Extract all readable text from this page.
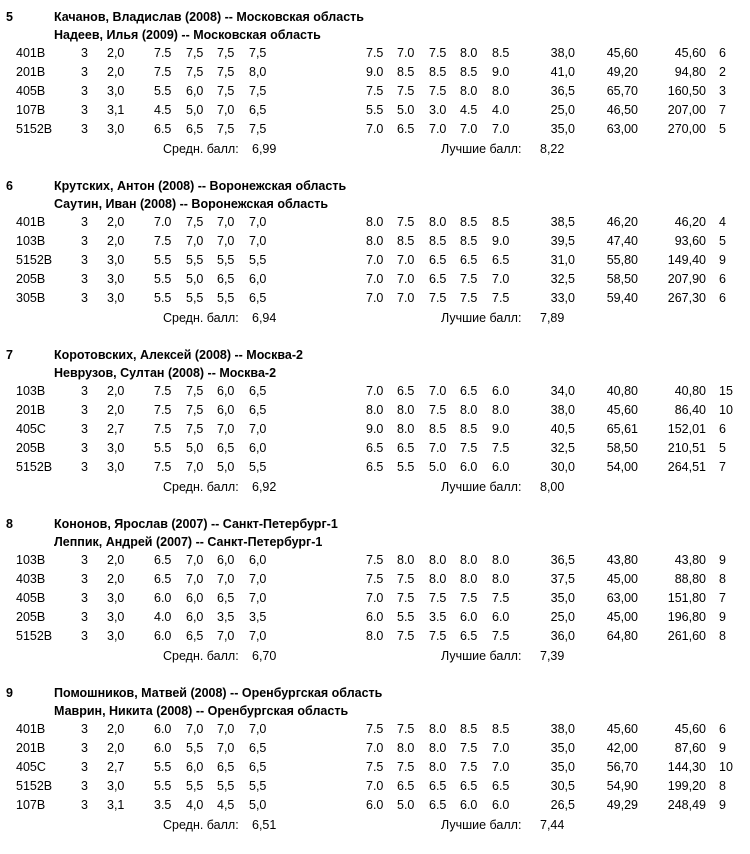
5	Качанов, Владислав (2008) -- Московская область
Надеев, Илья (2009) -- Московская область
401B	3 2,0 7.5 7,5 7,5 7,5	7.5 7.0 7.5 8.0 8.5	38,0	45,60	45,60 6
201B	3 2,0 7.5 7,5 7,5 8,0	9.0 8.5 8.5 8.5 9.0	41,0	49,20	94,80 2
405B	3 3,0 5.5 6,0 7,5 7,5	7.5 7.5 7.5 8.0 8.0	36,5	65,70 160,50 3
107B	3 3,1 4.5 5,0 7,0 6,5	5.5 5.0 3.0 4.5 4.0	25,0	46,50 207,00 7
5152B 3 3,0 6.5 6,5 7,5 7,5	7.0 6.5 7.0 7.0 7.0	35,0	63,00 270,00 5
Средн. балл: 6,99	Лучшие балл: 8,22
6	Крутских, Антон (2008) -- Воронежская область
Саутин, Иван (2008) -- Воронежская область
401B	3 2,0 7.0 7,5 7,0 7,0	8.0 7.5 8.0 8.5 8.5	38,5	46,20	46,20 4
103B	3 2,0 7.5 7,0 7,0 7,0	8.0 8.5 8.5 8.5 9.0	39,5	47,40	93,60 5
5152B 3 3,0 5.5 5,5 5,5 5,5	7.0 7.0 6.5 6.5 6.5	31,0	55,80 149,40 9
205B	3 3,0 5.5 5,0 6,5 6,0	7.0 7.0 6.5 7.5 7.0	32,5	58,50 207,90 6
305B	3 3,0 5.5 5,5 5,5 6,5	7.0 7.0 7.5 7.5 7.5	33,0	59,40 267,30 6
Средн. балл: 6,94	Лучшие балл: 7,89
7	Коротовских, Алексей (2008) -- Москва-2
Неврузов, Султан (2008) -- Москва-2
103B	3 2,0 7.5 7,5 6,0 6,5	7.0 6.5 7.0 6.5 6.0	34,0	40,80	40,80 15
201B	3 2,0 7.5 7,5 6,0 6,5	8.0 8.0 7.5 8.0 8.0	38,0	45,60	86,40 10
405C	3 2,7 7.5 7,5 7,0 7,0	9.0 8.0 8.5 8.5 9.0	40,5	65,61 152,01 6
205B	3 3,0 5.5 5,0 6,5 6,0	6.5 6.5 7.0 7.5 7.5	32,5	58,50 210,51 5
5152B 3 3,0 7.5 7,0 5,0 5,5	6.5 5.5 5.0 6.0 6.0	30,0	54,00 264,51 7
Средн. балл: 6,92	Лучшие балл: 8,00
8	Кононов, Ярослав (2007) -- Санкт-Петербург-1
Леппик, Андрей (2007) -- Санкт-Петербург-1
103B	3 2,0 6.5 7,0 6,0 6,0	7.5 8.0 8.0 8.0 8.0	36,5	43,80	43,80 9
403B	3 2,0 6.5 7,0 7,0 7,0	7.5 7.5 8.0 8.0 8.0	37,5	45,00	88,80 8
405B	3 3,0 6.0 6,0 6,5 7,0	7.0 7.5 7.5 7.5 7.5	35,0	63,00 151,80 7
205B	3 3,0 4.0 6,0 3,5 3,5	6.0 5.5 3.5 6.0 6.0	25,0	45,00 196,80 9
5152B 3 3,0 6.0 6,5 7,0 7,0	8.0 7.5 7.5 6.5 7.5	36,0	64,80 261,60 8
Средн. балл: 6,70	Лучшие балл: 7,39
9	Помошников, Матвей (2008) -- Оренбургская область
Маврин, Никита (2008) -- Оренбургская область
401B	3 2,0 6.0 7,0 7,0 7,0	7.5 7.5 8.0 8.5 8.5	38,0	45,60	45,60 6
201B	3 2,0 6.0 5,5 7,0 6,5	7.0 8.0 8.0 7.5 7.0	35,0	42,00	87,60 9
405C	3 2,7 5.5 6,0 6,5 6,5	7.5 7.5 8.0 7.5 7.0	35,0	56,70 144,30 10
5152B 3 3,0 5.5 5,5 5,5 5,5	7.0 6.5 6.5 6.5 6.5	30,5	54,90 199,20 8
107B	3 3,1 3.5 4,0 4,5 5,0	6.0 5.0 6.5 6.0 6.0	26,5	49,29 248,49 9
Средн. балл: 6,51	Лучшие балл: 7,44
